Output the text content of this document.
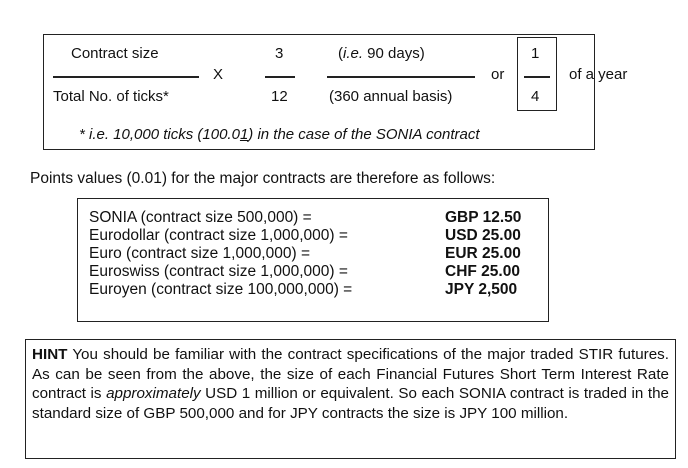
Contract size
Total No. of ticks*
X
3
12
(i.e. 90 days)
(360 annual basis)
or
1
4
of a year
* i.e. 10,000 ticks (100.01) in the case of the SONIA contract
Points values (0.01) for the major contracts are therefore as follows:
SONIA (contract size 500,000) =	GBP 12.50
Eurodollar (contract size 1,000,000) =	USD 25.00
Euro (contract size 1,000,000) =	EUR 25.00
Euroswiss (contract size 1,000,000) =	CHF 25.00
Euroyen (contract size 100,000,000) =	JPY 2,500
HINT You should be familiar with the contract specifications of the major traded STIR futures. As can be seen from the above, the size of each Financial Futures Short Term Interest Rate contract is approximately USD 1 million or equivalent. So each SONIA contract is traded in the standard size of GBP 500,000 and for JPY contracts the size is JPY 100 million.
